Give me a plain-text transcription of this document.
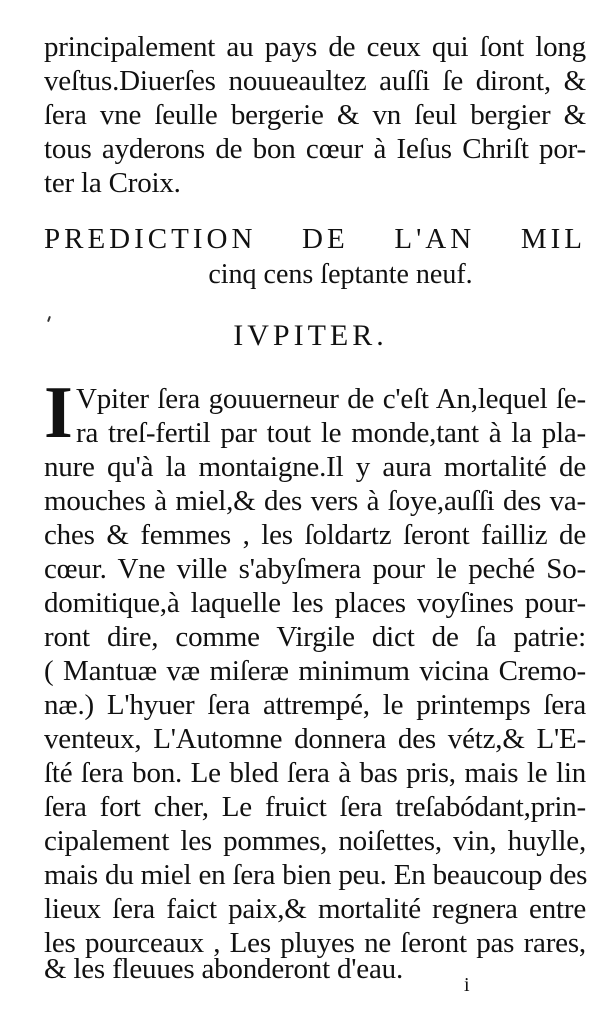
principalement au pays de ceux qui ſont long
veſtus.Diuerſes nouueaultez auſſi ſe diront, &
ſera vne ſeulle bergerie & vn ſeul bergier &
tous ayderons de bon cœur à Ieſus Chriſt por-
ter la Croix.
PREDICTION DE L'AN MIL
cinq cens ſeptante neuf.
IVPITER.
I Vpiter ſera gouuerneur de c'eſt An,lequel ſe-
ra treſ-fertil par tout le monde,tant à la pla-
nure qu'à la montaigne.Il y aura mortalité de
mouches à miel,& des vers à ſoye,auſſi des va-
ches & femmes , les ſoldartz ſeront failliz de
cœur. Vne ville s'abyſmera pour le peché So-
domitique,à laquelle les places voyſines pour-
ront dire, comme Virgile dict de ſa patrie:
( Mantuæ væ miſeræ minimum vicina Cremo-
næ.) L'hyuer ſera attrempé, le printemps ſera
venteux, L'Automne donnera des vétz,& L'E-
ſté ſera bon. Le bled ſera à bas pris, mais le lin
ſera fort cher, Le fruict ſera treſabódant,prin-
cipalement les pommes, noiſettes, vin, huylle,
mais du miel en ſera bien peu. En beaucoup des
lieux ſera faict paix,& mortalité regnera entre
les pourceaux , Les pluyes ne ſeront pas rares,
& les fleuues abonderont d'eau.	i
